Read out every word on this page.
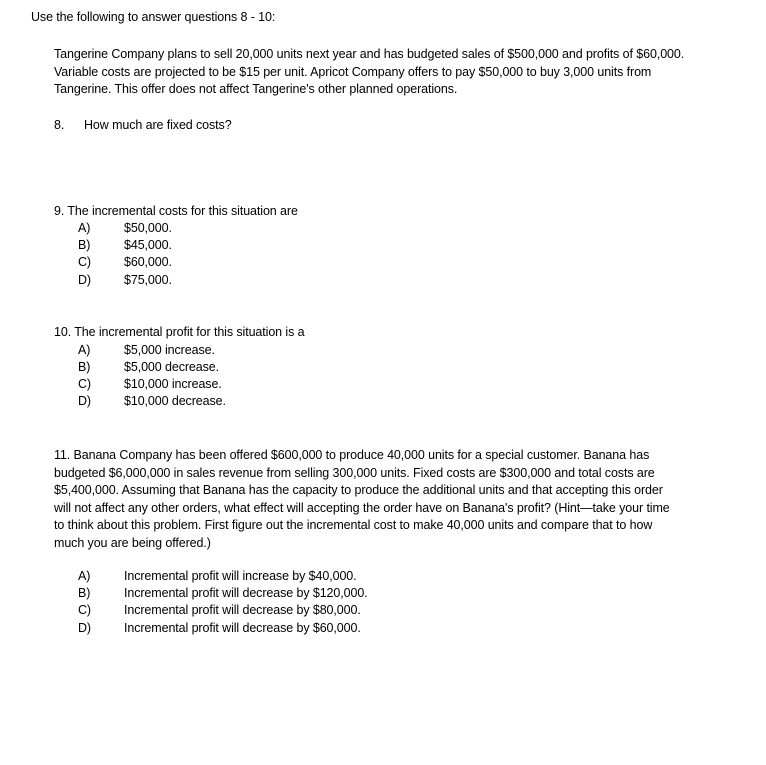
Use the following to answer questions 8 - 10:
Tangerine Company plans to sell 20,000 units next year and has budgeted sales of $500,000 and profits of $60,000.
Variable costs are projected to be $15 per unit. Apricot Company offers to pay $50,000 to buy 3,000 units from
Tangerine. This offer does not affect Tangerine's other planned operations.
8. How much are fixed costs?
9. The incremental costs for this situation are
A)	$50,000.
B)	$45,000.
C)	$60,000.
D)	$75,000.
10. The incremental profit for this situation is a
A)	$5,000 increase.
B)	$5,000 decrease.
C)	$10,000 increase.
D)	$10,000 decrease.
11. Banana Company has been offered $600,000 to produce 40,000 units for a special customer. Banana has
budgeted $6,000,000 in sales revenue from selling 300,000 units. Fixed costs are $300,000 and total costs are
$5,400,000. Assuming that Banana has the capacity to produce the additional units and that accepting this order
will not affect any other orders, what effect will accepting the order have on Banana's profit? (Hint—take your time
to think about this problem. First figure out the incremental cost to make 40,000 units and compare that to how
much you are being offered.)
A)	Incremental profit will increase by $40,000.
B)	Incremental profit will decrease by $120,000.
C)	Incremental profit will decrease by $80,000.
D)	Incremental profit will decrease by $60,000.
